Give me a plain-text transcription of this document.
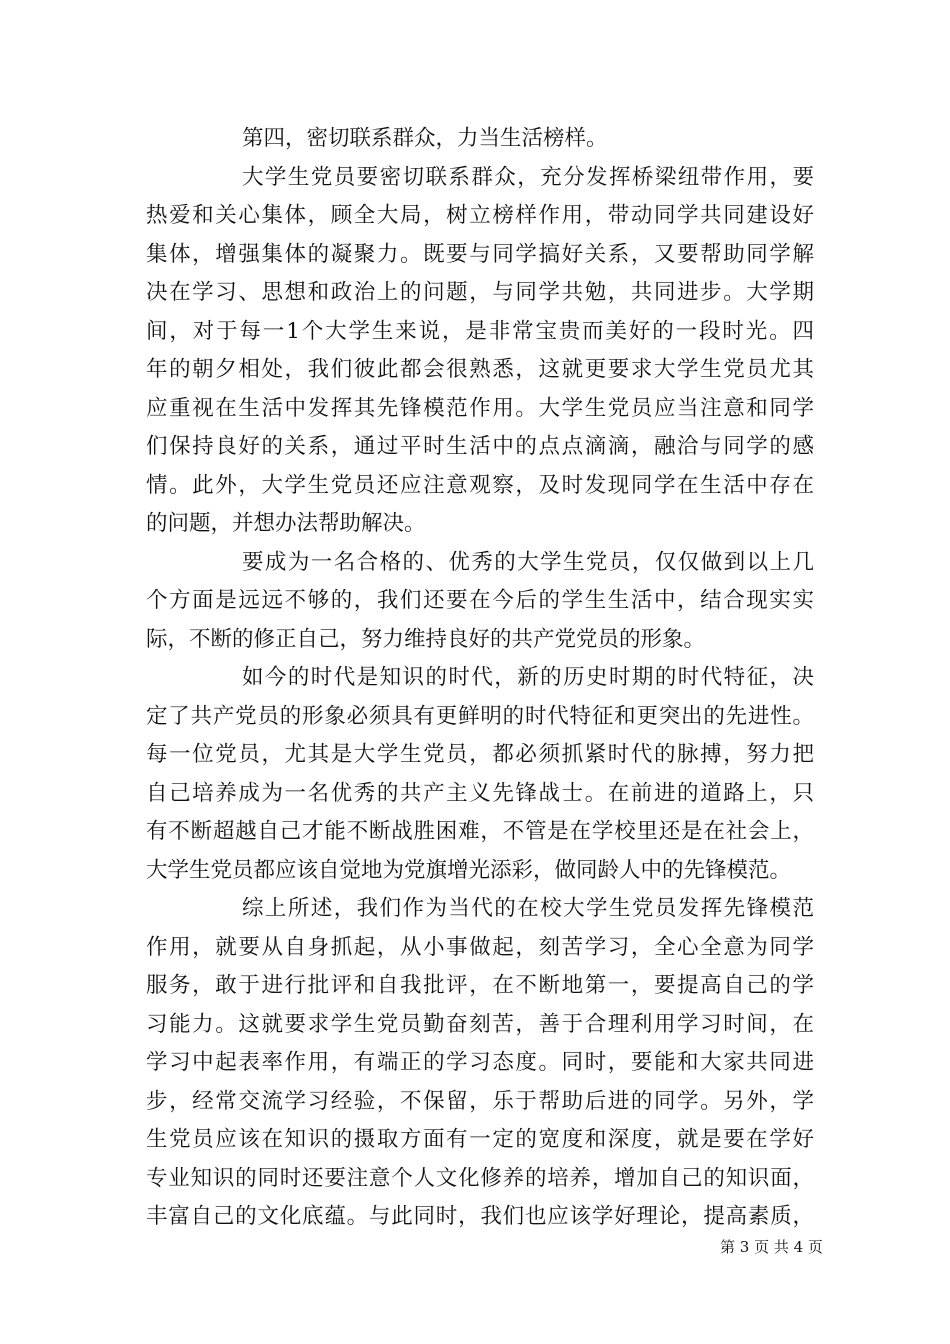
第四，密切联系群众，力当生活榜样。
大学生党员要密切联系群众，充分发挥桥梁纽带作用，要
热爱和关心集体，顾全大局，树立榜样作用，带动同学共同建设好
集体，增强集体的凝聚力。既要与同学搞好关系，又要帮助同学解
决在学习、思想和政治上的问题，与同学共勉，共同进步。大学期
间，对于每一1个大学生来说，是非常宝贵而美好的一段时光。四
年的朝夕相处，我们彼此都会很熟悉，这就更要求大学生党员尤其
应重视在生活中发挥其先锋模范作用。大学生党员应当注意和同学
们保持良好的关系，通过平时生活中的点点滴滴，融洽与同学的感
情。此外，大学生党员还应注意观察，及时发现同学在生活中存在
的问题，并想办法帮助解决。
要成为一名合格的、优秀的大学生党员，仅仅做到以上几
个方面是远远不够的，我们还要在今后的学生生活中，结合现实实
际，不断的修正自己，努力维持良好的共产党党员的形象。
如今的时代是知识的时代，新的历史时期的时代特征，决
定了共产党员的形象必须具有更鲜明的时代特征和更突出的先进性。
每一位党员，尤其是大学生党员，都必须抓紧时代的脉搏，努力把
自己培养成为一名优秀的共产主义先锋战士。在前进的道路上，只
有不断超越自己才能不断战胜困难，不管是在学校里还是在社会上，
大学生党员都应该自觉地为党旗增光添彩，做同龄人中的先锋模范。
综上所述，我们作为当代的在校大学生党员发挥先锋模范
作用，就要从自身抓起，从小事做起，刻苦学习，全心全意为同学
服务，敢于进行批评和自我批评，在不断地第一，要提高自己的学
习能力。这就要求学生党员勤奋刻苦，善于合理利用学习时间，在
学习中起表率作用，有端正的学习态度。同时，要能和大家共同进
步，经常交流学习经验，不保留，乐于帮助后进的同学。另外，学
生党员应该在知识的摄取方面有一定的宽度和深度，就是要在学好
专业知识的同时还要注意个人文化修养的培养，增加自己的知识面，
丰富自己的文化底蕴。与此同时，我们也应该学好理论，提高素质，
第 3 页 共 4 页
